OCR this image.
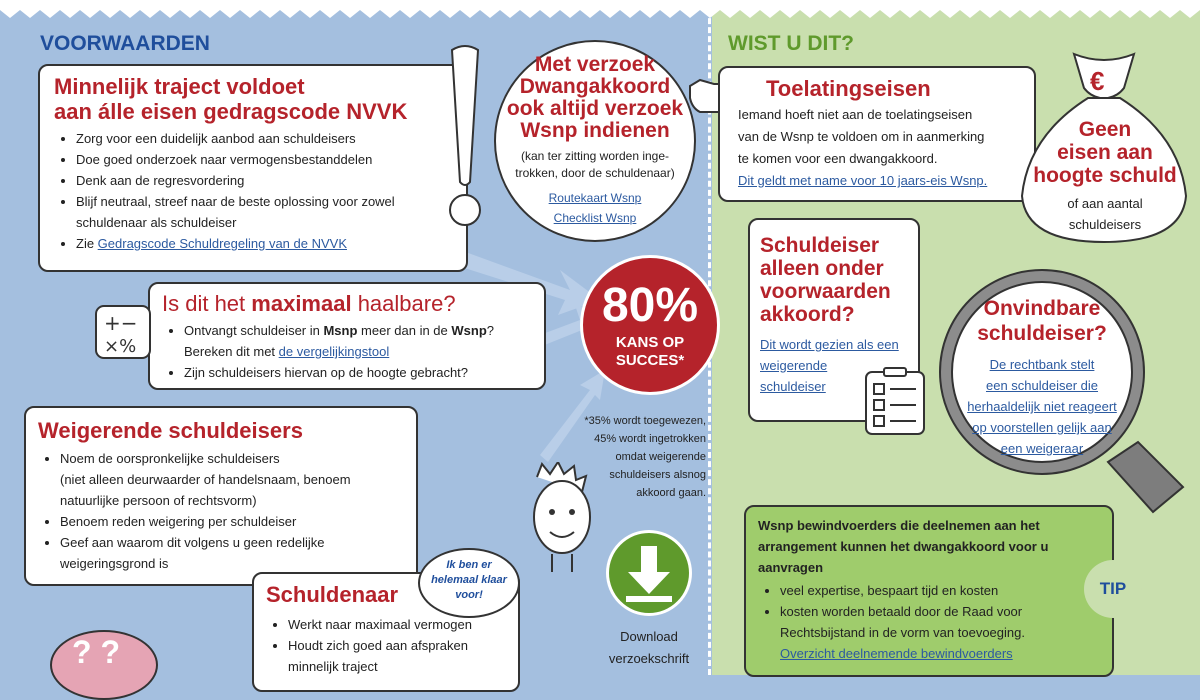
VOORWAARDEN	WIST U DIT?
Minnelijk traject voldoet
aan álle eisen gedragscode NVVK
• Zorg voor een duidelijk aanbod aan schuldeisers
• Doe goed onderzoek naar vermogensbestanddelen
• Denk aan de regresvordering
• Blijf neutraal, streef naar de beste oplossing voor zowel
schuldenaar als schuldeiser
• Zie Gedragscode Schuldregeling van de NVVK
Is dit het maximaal haalbare?
• Ontvangt schuldeiser in Msnp meer dan in de Wsnp?
Bereken dit met de vergelijkingstool
• Zijn schuldeisers hiervan op de hoogte gebracht?
+−
×%
Weigerende schuldeisers
• Noem de oorspronkelijke schuldeisers
(niet alleen deurwaarder of handelsnaam, benoem
natuurlijke persoon of rechtsvorm)
• Benoem reden weigering per schuldeiser
• Geef aan waarom dit volgens u geen redelijke
weigeringsgrond is
Schuldenaar
• Werkt naar maximaal vermogen
• Houdt zich goed aan afspraken
minnelijk traject
Ik ben er
helemaal klaar
voor!
? ?
Met verzoek
Dwangakkoord
ook altijd verzoek
Wsnp indienen
(kan ter zitting worden inge-
trokken, door de schuldenaar)
Routekaart Wsnp
Checklist Wsnp
80%
KANS OP
SUCCES*
*35% wordt toegewezen,
45% wordt ingetrokken
omdat weigerende
schuldeisers alsnog
akkoord gaan.
Download
verzoekschrift
Toelatingseisen
Iemand hoeft niet aan de toelatingseisen
van de Wsnp te voldoen om in aanmerking
te komen voor een dwangakkoord.
Dit geldt met name voor 10 jaars-eis Wsnp.
€
Geen
eisen aan
hoogte schuld
of aan aantal
schuldeisers
Schuldeiser
alleen onder
voorwaarden
akkoord?
Dit wordt gezien als een
weigerende
schuldeiser
Onvindbare
schuldeiser?
De rechtbank stelt
een schuldeiser die
herhaaldelijk niet reageert
op voorstellen gelijk aan
een weigeraar
Wsnp bewindvoerders die deelnemen aan het
arrangement kunnen het dwangakkoord voor u
aanvragen
• veel expertise, bespaart tijd en kosten
• kosten worden betaald door de Raad voor
Rechtsbijstand in de vorm van toevoeging.
Overzicht deelnemende bewindvoerders
TIP
